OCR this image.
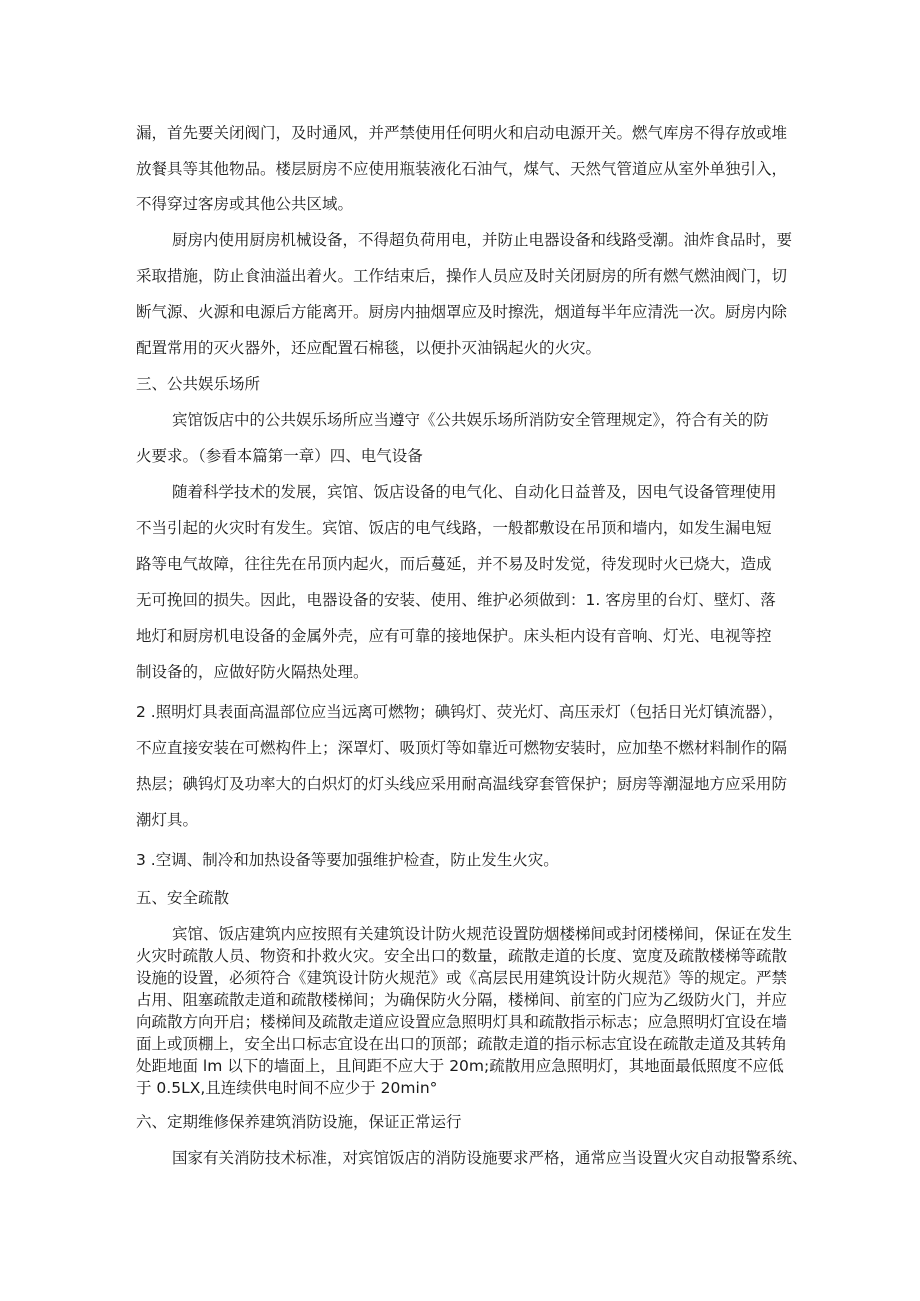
漏，首先要关闭阀门，及时通风，并严禁使用任何明火和启动电源开关。燃气库房不得存放或堆
放餐具等其他物品。楼层厨房不应使用瓶装液化石油气，煤气、天然气管道应从室外单独引入，
不得穿过客房或其他公共区域。
厨房内使用厨房机械设备，不得超负荷用电，并防止电器设备和线路受潮。油炸食品时，要
采取措施，防止食油溢出着火。工作结束后，操作人员应及时关闭厨房的所有燃气燃油阀门，切
断气源、火源和电源后方能离开。厨房内抽烟罩应及时擦洗，烟道每半年应清洗一次。厨房内除
配置常用的灭火器外，还应配置石棉毯，以便扑灭油锅起火的火灾。
三、公共娱乐场所
宾馆饭店中的公共娱乐场所应当遵守《公共娱乐场所消防安全管理规定》，符合有关的防
火要求。（参看本篇第一章）四、电气设备
随着科学技术的发展，宾馆、饭店设备的电气化、自动化日益普及，因电气设备管理使用
不当引起的火灾时有发生。宾馆、饭店的电气线路，一般都敷设在吊顶和墙内，如发生漏电短
路等电气故障，往往先在吊顶内起火，而后蔓延，并不易及时发觉，待发现时火已烧大，造成
无可挽回的损失。因此，电器设备的安装、使用、维护必须做到：1. 客房里的台灯、壁灯、落
地灯和厨房机电设备的金属外壳，应有可靠的接地保护。床头柜内设有音响、灯光、电视等控
制设备的，应做好防火隔热处理。
2 .照明灯具表面高温部位应当远离可燃物；碘钨灯、荧光灯、高压汞灯（包括日光灯镇流器），
不应直接安装在可燃构件上；深罩灯、吸顶灯等如靠近可燃物安装时，应加垫不燃材料制作的隔
热层；碘钨灯及功率大的白炽灯的灯头线应采用耐高温线穿套管保护；厨房等潮湿地方应采用防
潮灯具。
3 .空调、制冷和加热设备等要加强维护检查，防止发生火灾。
五、安全疏散
宾馆、饭店建筑内应按照有关建筑设计防火规范设置防烟楼梯间或封闭楼梯间，保证在发生
火灾时疏散人员、物资和扑救火灾。安全出口的数量，疏散走道的长度、宽度及疏散楼梯等疏散
设施的设置，必须符合《建筑设计防火规范》或《高层民用建筑设计防火规范》等的规定。严禁
占用、阻塞疏散走道和疏散楼梯间；为确保防火分隔，楼梯间、前室的门应为乙级防火门，并应
向疏散方向开启；楼梯间及疏散走道应设置应急照明灯具和疏散指示标志；应急照明灯宜设在墙
面上或顶棚上，安全出口标志宜设在出口的顶部；疏散走道的指示标志宜设在疏散走道及其转角
处距地面 lm 以下的墙面上，且间距不应大于 20m;疏散用应急照明灯，其地面最低照度不应低
于 0.5LX,且连续供电时间不应少于 20min°
六、定期维修保养建筑消防设施，保证正常运行
国家有关消防技术标准，对宾馆饭店的消防设施要求严格，通常应当设置火灾自动报警系统、
